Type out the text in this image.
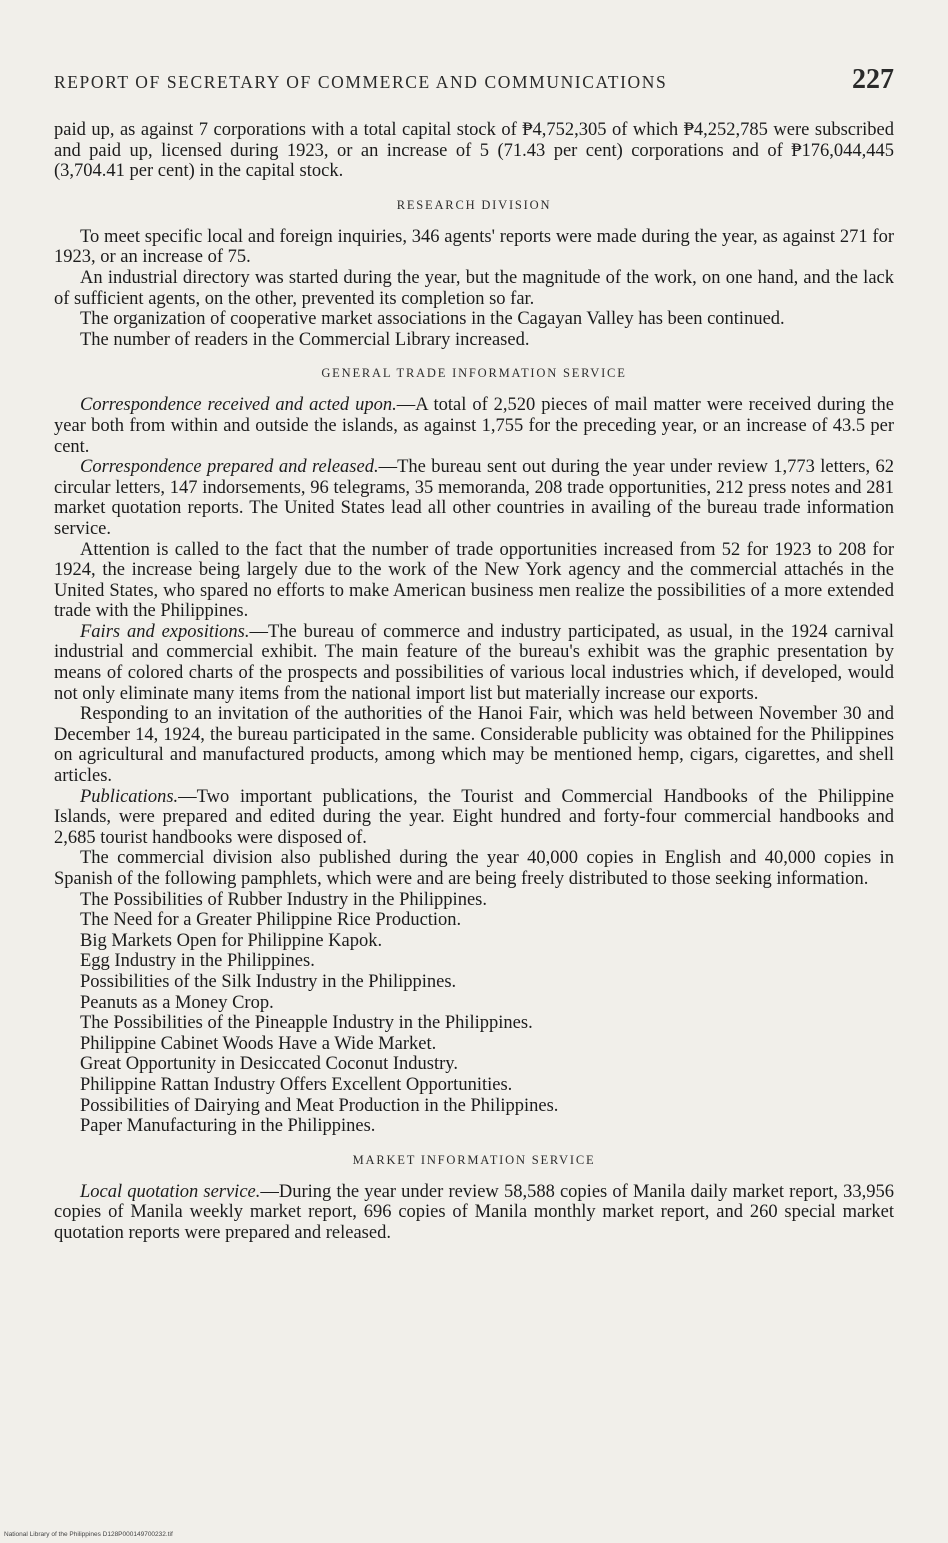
REPORT OF SECRETARY OF COMMERCE AND COMMUNICATIONS	227

paid up, as against 7 corporations with a total capital stock of ₱4,752,305 of which ₱4,252,785 were subscribed and paid up, licensed during 1923, or an increase of 5 (71.43 per cent) corporations and of ₱176,044,445 (3,704.41 per cent) in the capital stock.

RESEARCH DIVISION

To meet specific local and foreign inquiries, 346 agents' reports were made during the year, as against 271 for 1923, or an increase of 75.

An industrial directory was started during the year, but the magnitude of the work, on one hand, and the lack of sufficient agents, on the other, prevented its completion so far.

The organization of cooperative market associations in the Cagayan Valley has been continued.

The number of readers in the Commercial Library increased.

GENERAL TRADE INFORMATION SERVICE

Correspondence received and acted upon.—A total of 2,520 pieces of mail matter were received during the year both from within and outside the islands, as against 1,755 for the preceding year, or an increase of 43.5 per cent.

Correspondence prepared and released.—The bureau sent out during the year under review 1,773 letters, 62 circular letters, 147 indorsements, 96 telegrams, 35 memoranda, 208 trade opportunities, 212 press notes and 281 market quotation reports. The United States lead all other countries in availing of the bureau trade information service.

Attention is called to the fact that the number of trade opportunities increased from 52 for 1923 to 208 for 1924, the increase being largely due to the work of the New York agency and the commercial attachés in the United States, who spared no efforts to make American business men realize the possibilities of a more extended trade with the Philippines.

Fairs and expositions.—The bureau of commerce and industry participated, as usual, in the 1924 carnival industrial and commercial exhibit. The main feature of the bureau's exhibit was the graphic presentation by means of colored charts of the prospects and possibilities of various local industries which, if developed, would not only eliminate many items from the national import list but materially increase our exports.

Responding to an invitation of the authorities of the Hanoi Fair, which was held between November 30 and December 14, 1924, the bureau participated in the same. Considerable publicity was obtained for the Philippines on agricultural and manufactured products, among which may be mentioned hemp, cigars, cigarettes, and shell articles.

Publications.—Two important publications, the Tourist and Commercial Handbooks of the Philippine Islands, were prepared and edited during the year. Eight hundred and forty-four commercial handbooks and 2,685 tourist handbooks were disposed of.

The commercial division also published during the year 40,000 copies in English and 40,000 copies in Spanish of the following pamphlets, which were and are being freely distributed to those seeking information.

The Possibilities of Rubber Industry in the Philippines.
The Need for a Greater Philippine Rice Production.
Big Markets Open for Philippine Kapok.
Egg Industry in the Philippines.
Possibilities of the Silk Industry in the Philippines.
Peanuts as a Money Crop.
The Possibilities of the Pineapple Industry in the Philippines.
Philippine Cabinet Woods Have a Wide Market.
Great Opportunity in Desiccated Coconut Industry.
Philippine Rattan Industry Offers Excellent Opportunities.
Possibilities of Dairying and Meat Production in the Philippines.
Paper Manufacturing in the Philippines.
MARKET INFORMATION SERVICE

Local quotation service.—During the year under review 58,588 copies of Manila daily market report, 33,956 copies of Manila weekly market report, 696 copies of Manila monthly market report, and 260 special market quotation reports were prepared and released.

National Library of the Philippines D128P000149700232.tif
